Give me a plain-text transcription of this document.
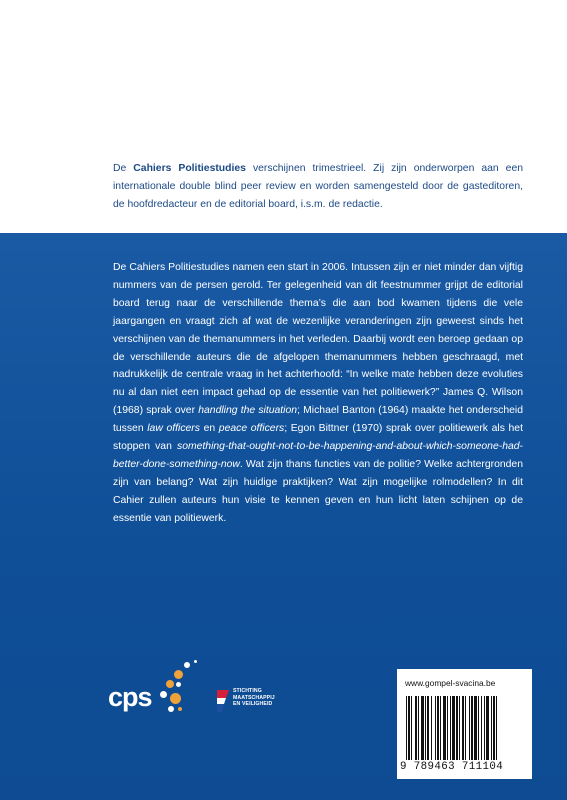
De Cahiers Politiestudies verschijnen trimestrieel. Zij zijn onderworpen aan een internationale double blind peer review en worden samengesteld door de gasteditoren, de hoofdredacteur en de editorial board, i.s.m. de redactie.

De Cahiers Politiestudies namen een start in 2006. Intussen zijn er niet minder dan vijftig nummers van de persen gerold. Ter gelegenheid van dit feestnummer grijpt de editorial board terug naar de verschillende thema’s die aan bod kwamen tijdens die vele jaargangen en vraagt zich af wat de wezenlijke veranderingen zijn geweest sinds het verschijnen van de themanummers in het verleden. Daarbij wordt een beroep gedaan op de verschillende auteurs die de afgelopen themanummers hebben geschraagd, met nadrukkelijk de centrale vraag in het achterhoofd: “In welke mate hebben deze evoluties nu al dan niet een impact gehad op de essentie van het politiewerk?” James Q. Wilson (1968) sprak over handling the situation; Michael Banton (1964) maakte het onderscheid tussen law officers en peace officers; Egon Bittner (1970) sprak over politiewerk als het stoppen van something-that-ought-not-to-be-happening-and-about-which-someone-had-better-done-something-now. Wat zijn thans functies van de politie? Welke achtergronden zijn van belang? Wat zijn huidige praktijken? Wat zijn mogelijke rolmodellen? In dit Cahier zullen auteurs hun visie te kennen geven en hun licht laten schijnen op de essentie van politiewerk.

cps	STICHTING
MAATSCHAPPIJ
EN VEILIGHEID
www.gompel-svacina.be
9 789463 711104
